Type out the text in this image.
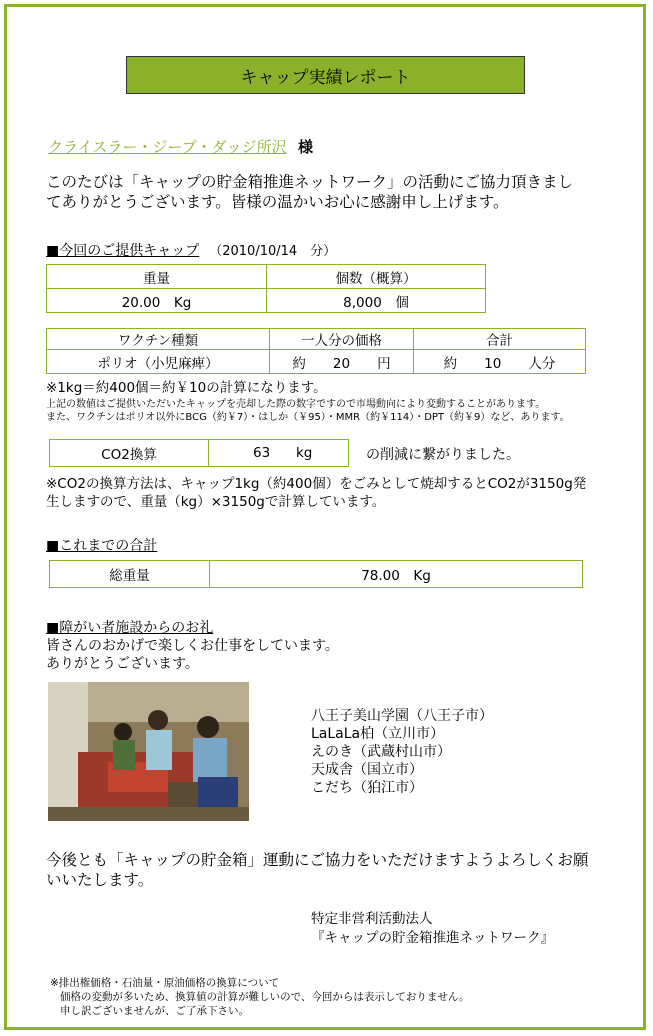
キャップ実績レポート
クライスラー・ジープ・ダッジ所沢 様
このたびは「キャップの貯金箱推進ネットワーク」の活動にご協力頂きまし
てありがとうございます。皆様の温かいお心に感謝申し上げます。
■今回のご提供キャップ （2010/10/14　分）
重量	個数（概算）
20.00　Kg	8,000　個
ワクチン種類	一人分の価格	合計
ポリオ（小児麻痺）	約　　20　　円	約　　10　　人分
※1kg＝約400個＝約￥10の計算になります。
上記の数値はご提供いただいたキャップを売却した際の数字ですので市場動向により変動することがあります。
また、ワクチンはポリオ以外にBCG（約￥7）・はしか（￥95）・MMR（約￥114）・DPT（約￥9）など、あります。
CO2換算	63 kg	の削減に繋がりました。
※CO2の換算方法は、キャップ1kg（約400個）をごみとして焼却するとCO2が3150g発
生しますので、重量（kg）×3150gで計算しています。
■これまでの合計
総重量	78.00　Kg
■障がい者施設からのお礼
皆さんのおかげで楽しくお仕事をしています。
ありがとうございます。
八王子美山学園（八王子市）
LaLaLa柏（立川市）
えのき（武蔵村山市）
天成舎（国立市）
こだち（狛江市）
今後とも「キャップの貯金箱」運動にご協力をいただけますようよろしくお願
いいたします。
特定非営利活動法人
『キャップの貯金箱推進ネットワーク』
※排出権価格・石油量・原油価格の換算について
価格の変動が多いため、換算値の計算が難しいので、今回からは表示しておりません。
申し訳ございませんが、ご了承下さい。
